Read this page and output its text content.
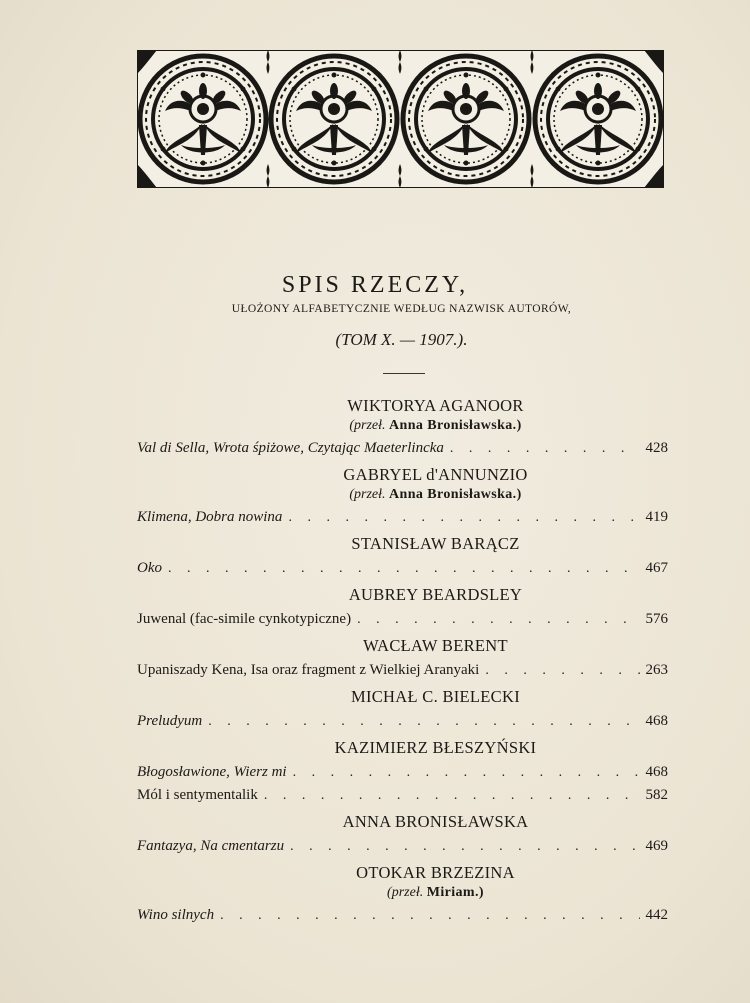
SPIS RZECZY,
UŁOŻONY ALFABETYCZNIE WEDŁUG NAZWISK AUTORÓW,
(TOM X. — 1907.).
WIKTORYA AGANOOR
(przeł. Anna Bronisławska.)
Val di Sella, Wrota śpiżowe, Czytając Maeterlincka . . .	428
GABRYEL d'ANNUNZIO
(przeł. Anna Bronisławska.)
Klimena, Dobra nowina . . .	419
STANISŁAW BARĄCZ
Oko . . .	467
AUBREY BEARDSLEY
Juwenal (fac-simile cynkotypiczne) . . .	576
WACŁAW BERENT
Upaniszady Kena, Isa oraz fragment z Wielkiej Aranyaki . . .	263
MICHAŁ C. BIELECKI
Preludyum . . .	468
KAZIMIERZ BŁESZYŃSKI
Błogosławione, Wierz mi . . .	468
Mól i sentymentalik . . .	582
ANNA BRONISŁAWSKA
Fantazya, Na cmentarzu . . .	469
OTOKAR BRZEZINA
(przeł. Miriam.)
Wino silnych . . .	442
